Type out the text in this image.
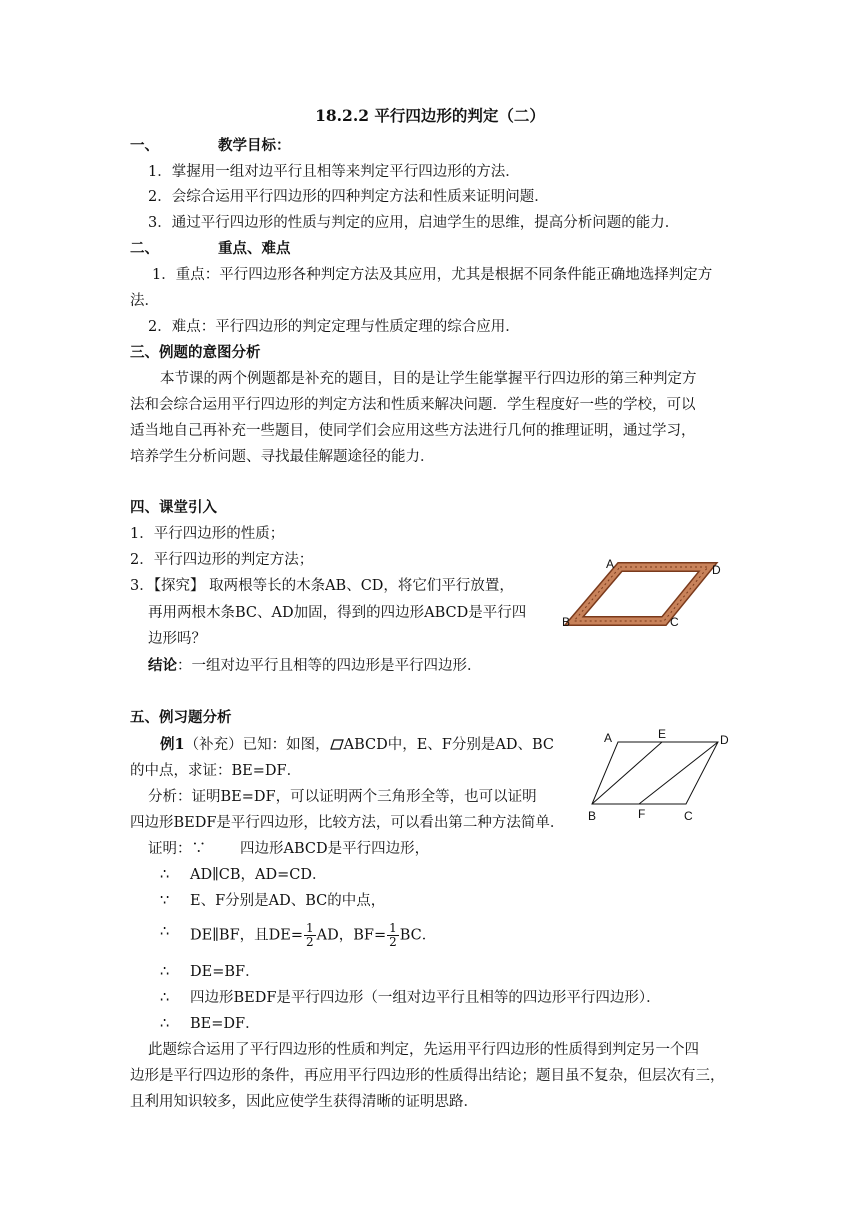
18.2.2 平行四边形的判定（二）
一、	教学目标：
1．掌握用一组对边平行且相等来判定平行四边形的方法．
2．会综合运用平行四边形的四种判定方法和性质来证明问题．
3．通过平行四边形的性质与判定的应用，启迪学生的思维，提高分析问题的能力．
二、	重点、难点
1．重点：平行四边形各种判定方法及其应用，尤其是根据不同条件能正确地选择判定方
法．
2．难点：平行四边形的判定定理与性质定理的综合应用．
三、例题的意图分析
本节课的两个例题都是补充的题目，目的是让学生能掌握平行四边形的第三种判定方
法和会综合运用平行四边形的判定方法和性质来解决问题．学生程度好一些的学校，可以
适当地自己再补充一些题目，使同学们会应用这些方法进行几何的推理证明，通过学习，
培养学生分析问题、寻找最佳解题途径的能力．
四、课堂引入
1．平行四边形的性质；
2．平行四边形的判定方法；
3．【探究】 取两根等长的木条AB、CD，将它们平行放置，
再用两根木条BC、AD加固，得到的四边形ABCD是平行四
边形吗？
结论：一组对边平行且相等的四边形是平行四边形．
A	D
B	C
五、例习题分析
例1（补充）已知：如图， ABCD中，E、F分别是AD、BC
的中点，求证：BE=DF．
分析：证明BE=DF，可以证明两个三角形全等，也可以证明
四边形BEDF是平行四边形，比较方法，可以看出第二种方法简单．
证明：∵ 四边形ABCD是平行四边形，
∴ AD∥CB，AD=CD．
∵ E、F分别是AD、BC的中点，
∴ DE∥BF，且$DE= \frac{1}{2}$ AD，$BF= \frac{1}{2}$ BC．
∴ DE=BF．
∴ 四边形BEDF是平行四边形（一组对边平行且相等的四边形平行四边形）．
∴ BE=DF．
此题综合运用了平行四边形的性质和判定，先运用平行四边形的性质得到判定另一个四
边形是平行四边形的条件，再应用平行四边形的性质得出结论；题目虽不复杂，但层次有三，
且利用知识较多，因此应使学生获得清晰的证明思路．
A	E	D
B	F	C
